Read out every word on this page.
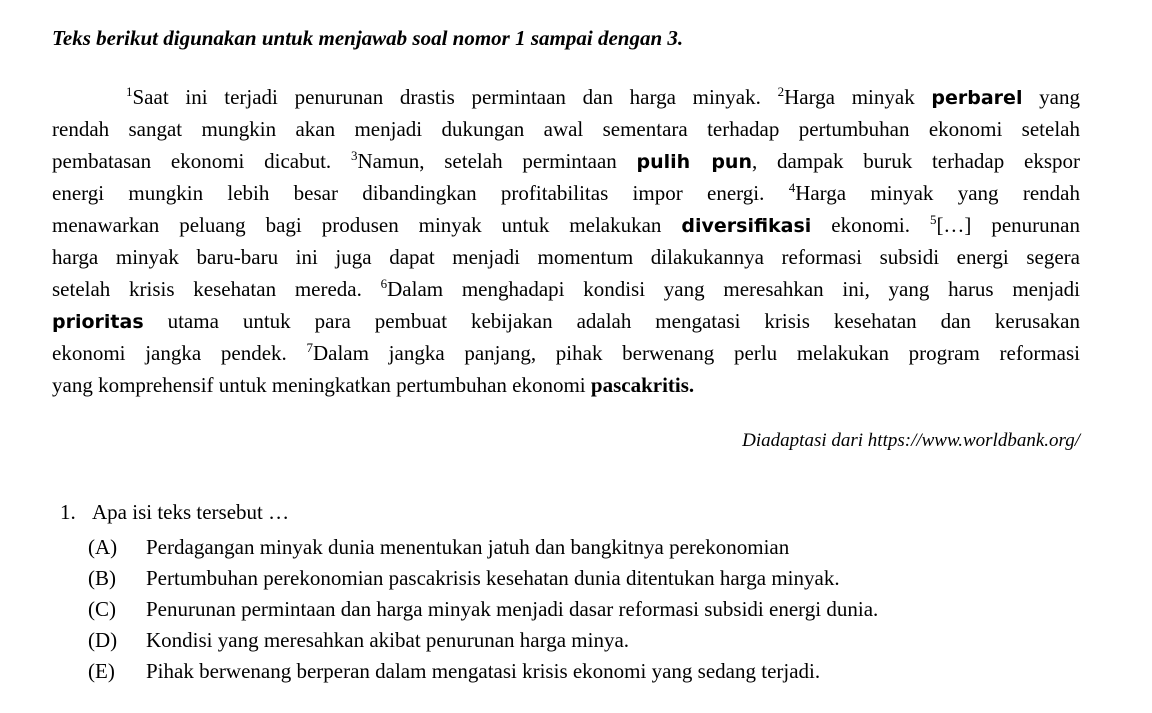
Teks berikut digunakan untuk menjawab soal nomor 1 sampai dengan 3.
$^1$Saat ini terjadi penurunan drastis permintaan dan harga minyak. $^2$Harga minyak perbarel yang
rendah sangat mungkin akan menjadi dukungan awal sementara terhadap pertumbuhan ekonomi setelah
pembatasan ekonomi dicabut. $^3$Namun, setelah permintaan pulih pun, dampak buruk terhadap ekspor
energi mungkin lebih besar dibandingkan profitabilitas impor energi. $^4$Harga minyak yang rendah
menawarkan peluang bagi produsen minyak untuk melakukan diversifikasi ekonomi. $^5$[…] penurunan
harga minyak baru-baru ini juga dapat menjadi momentum dilakukannya reformasi subsidi energi segera
setelah krisis kesehatan mereda. $^6$Dalam menghadapi kondisi yang meresahkan ini, yang harus menjadi
prioritas utama untuk para pembuat kebijakan adalah mengatasi krisis kesehatan dan kerusakan
ekonomi jangka pendek. $^7$Dalam jangka panjang, pihak berwenang perlu melakukan program reformasi
yang komprehensif untuk meningkatkan pertumbuhan ekonomi pascakritis.
Diadaptasi dari https://www.worldbank.org/
1. Apa isi teks tersebut …
(A) Perdagangan minyak dunia menentukan jatuh dan bangkitnya perekonomian
(B) Pertumbuhan perekonomian pascakrisis kesehatan dunia ditentukan harga minyak.
(C) Penurunan permintaan dan harga minyak menjadi dasar reformasi subsidi energi dunia.
(D) Kondisi yang meresahkan akibat penurunan harga minya.
(E) Pihak berwenang berperan dalam mengatasi krisis ekonomi yang sedang terjadi.
